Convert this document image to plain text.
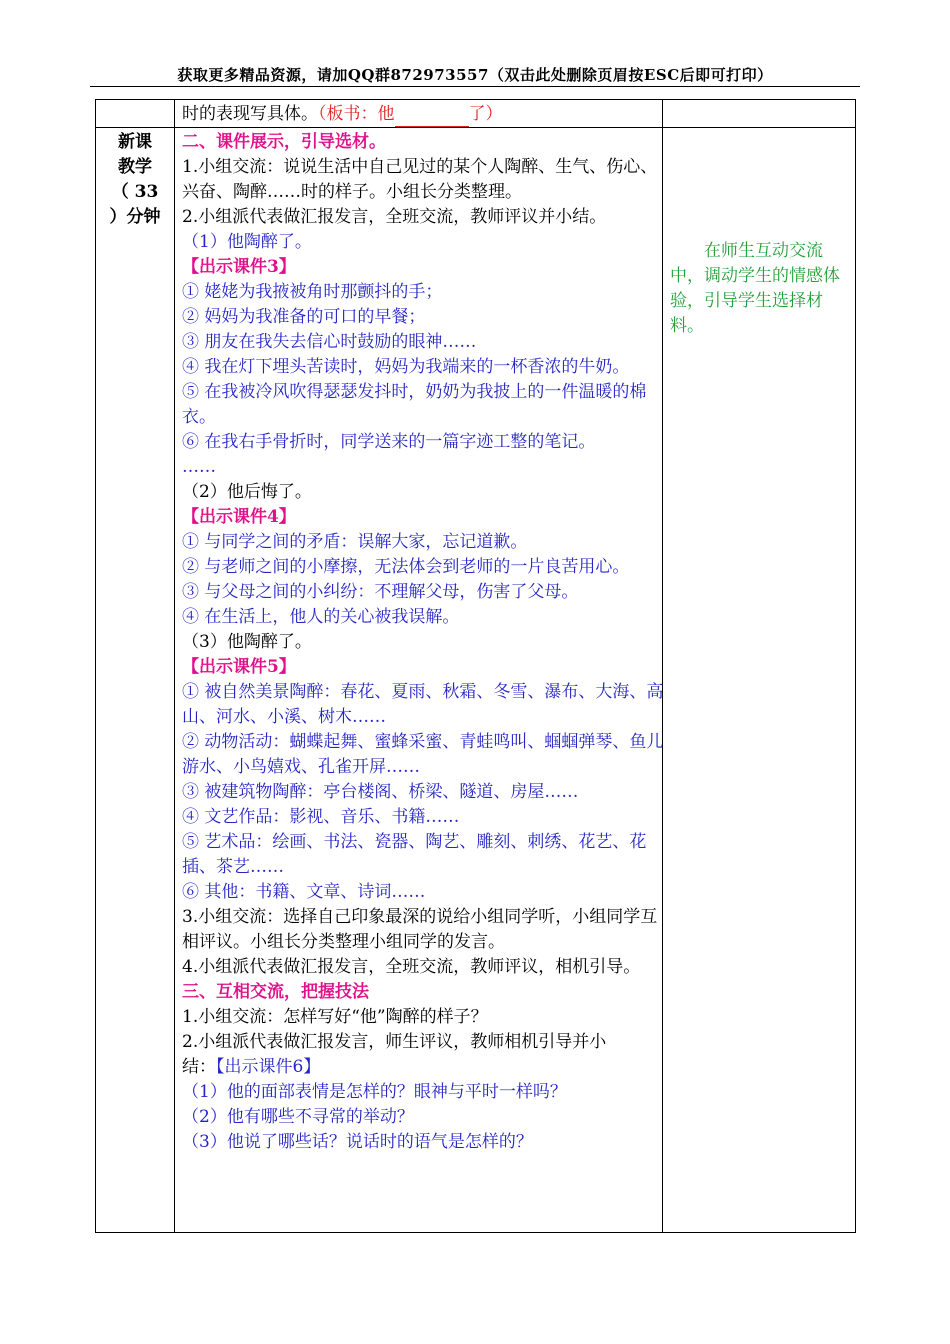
获取更多精品资源，请加QQ群872973557（双击此处删除页眉按ESC后即可打印）
时的表现写具体。（板书：他	了）
新课
教学
（ 33
）分钟
二、课件展示，引导选材。
1.小组交流：说说生活中自己见过的某个人陶醉、生气、伤心、兴奋、陶醉……时的样子。小组长分类整理。
2.小组派代表做汇报发言，全班交流，教师评议并小结。
（1）他陶醉了。
【出示课件3】
① 姥姥为我掖被角时那颤抖的手；
② 妈妈为我准备的可口的早餐；
③ 朋友在我失去信心时鼓励的眼神……
④ 我在灯下埋头苦读时，妈妈为我端来的一杯香浓的牛奶。
⑤ 在我被冷风吹得瑟瑟发抖时，奶奶为我披上的一件温暖的棉衣。
⑥ 在我右手骨折时，同学送来的一篇字迹工整的笔记。
……
（2）他后悔了。
【出示课件4】
① 与同学之间的矛盾：误解大家，忘记道歉。
② 与老师之间的小摩擦，无法体会到老师的一片良苦用心。
③ 与父母之间的小纠纷：不理解父母，伤害了父母。
④ 在生活上，他人的关心被我误解。
（3）他陶醉了。
【出示课件5】
① 被自然美景陶醉：春花、夏雨、秋霜、冬雪、瀑布、大海、高山、河水、小溪、树木……
② 动物活动：蝴蝶起舞、蜜蜂采蜜、青蛙鸣叫、蝈蝈弹琴、鱼儿游水、小鸟嬉戏、孔雀开屏……
③ 被建筑物陶醉：亭台楼阁、桥梁、隧道、房屋……
④ 文艺作品：影视、音乐、书籍……
⑤ 艺术品：绘画、书法、瓷器、陶艺、雕刻、刺绣、花艺、花插、茶艺……
⑥ 其他：书籍、文章、诗词……
3.小组交流：选择自己印象最深的说给小组同学听，小组同学互相评议。小组长分类整理小组同学的发言。
4.小组派代表做汇报发言，全班交流，教师评议，相机引导。
三、互相交流，把握技法
1.小组交流：怎样写好“他”陶醉的样子？
2.小组派代表做汇报发言，师生评议，教师相机引导并小
结：【出示课件6】
（1）他的面部表情是怎样的？眼神与平时一样吗？
（2）他有哪些不寻常的举动？
（3）他说了哪些话？说话时的语气是怎样的？
在师生互动交流中，调动学生的情感体验，引导学生选择材料。
